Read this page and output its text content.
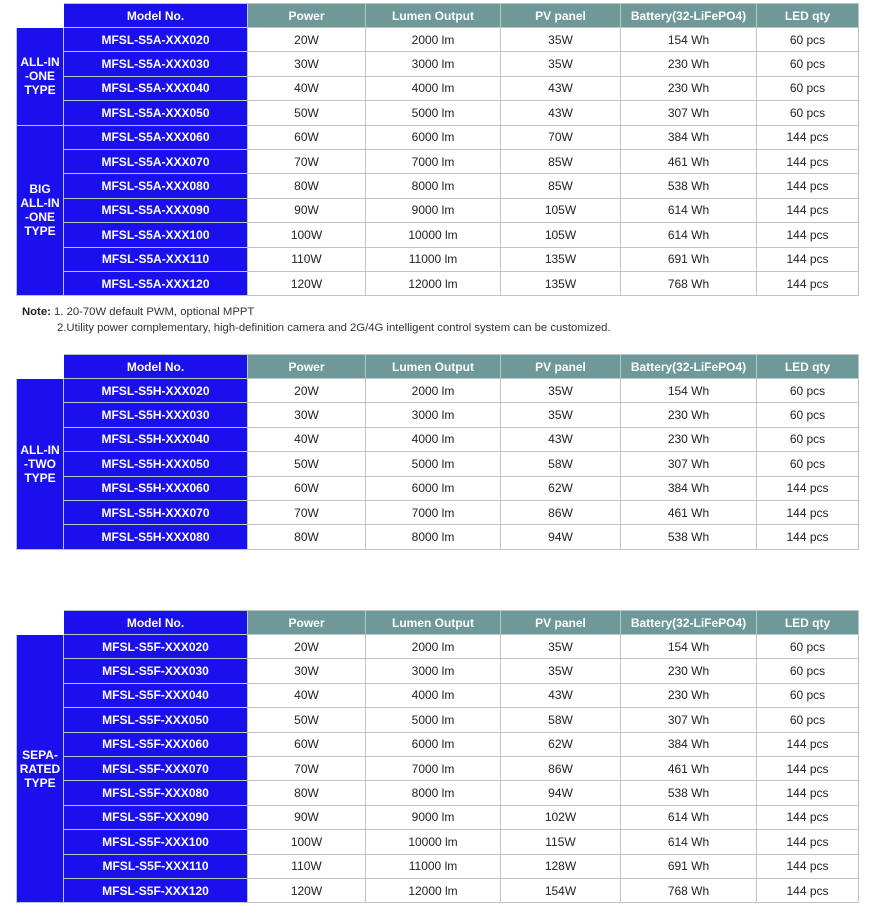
	Model No.	Power	Lumen Output	PV panel	Battery(32-LiFePO4)	LED qty

ALL-IN
-ONE
TYPE	MFSL-S5A-XXX020	20W	2000 lm	35W	154 Wh	60 pcs
	MFSL-S5A-XXX030	30W	3000 lm	35W	230 Wh	60 pcs
	MFSL-S5A-XXX040	40W	4000 lm	43W	230 Wh	60 pcs
	MFSL-S5A-XXX050	50W	5000 lm	43W	307 Wh	60 pcs

BIG
ALL-IN
-ONE
TYPE	MFSL-S5A-XXX060	60W	6000 lm	70W	384 Wh	144 pcs
	MFSL-S5A-XXX070	70W	7000 lm	85W	461 Wh	144 pcs
	MFSL-S5A-XXX080	80W	8000 lm	85W	538 Wh	144 pcs
	MFSL-S5A-XXX090	90W	9000 lm	105W	614 Wh	144 pcs
	MFSL-S5A-XXX100	100W	10000 lm	105W	614 Wh	144 pcs
	MFSL-S5A-XXX110	110W	11000 lm	135W	691 Wh	144 pcs
	MFSL-S5A-XXX120	120W	12000 lm	135W	768 Wh	144 pcs
Note: 1. 20-70W default PWM, optional MPPT
2.Utility power complementary, high-definition camera and 2G/4G intelligent control system can be customized.
	Model No.	Power	Lumen Output	PV panel	Battery(32-LiFePO4)	LED qty

ALL-IN
-TWO
TYPE	MFSL-S5H-XXX020	20W	2000 lm	35W	154 Wh	60 pcs
	MFSL-S5H-XXX030	30W	3000 lm	35W	230 Wh	60 pcs
	MFSL-S5H-XXX040	40W	4000 lm	43W	230 Wh	60 pcs
	MFSL-S5H-XXX050	50W	5000 lm	58W	307 Wh	60 pcs
	MFSL-S5H-XXX060	60W	6000 lm	62W	384 Wh	144 pcs
	MFSL-S5H-XXX070	70W	7000 lm	86W	461 Wh	144 pcs
	MFSL-S5H-XXX080	80W	8000 lm	94W	538 Wh	144 pcs
	Model No.	Power	Lumen Output	PV panel	Battery(32-LiFePO4)	LED qty

SEPA-
RATED
TYPE	MFSL-S5F-XXX020	20W	2000 lm	35W	154 Wh	60 pcs
	MFSL-S5F-XXX030	30W	3000 lm	35W	230 Wh	60 pcs
	MFSL-S5F-XXX040	40W	4000 lm	43W	230 Wh	60 pcs
	MFSL-S5F-XXX050	50W	5000 lm	58W	307 Wh	60 pcs
	MFSL-S5F-XXX060	60W	6000 lm	62W	384 Wh	144 pcs
	MFSL-S5F-XXX070	70W	7000 lm	86W	461 Wh	144 pcs
	MFSL-S5F-XXX080	80W	8000 lm	94W	538 Wh	144 pcs
	MFSL-S5F-XXX090	90W	9000 lm	102W	614 Wh	144 pcs
	MFSL-S5F-XXX100	100W	10000 lm	115W	614 Wh	144 pcs
	MFSL-S5F-XXX110	110W	11000 lm	128W	691 Wh	144 pcs
	MFSL-S5F-XXX120	120W	12000 lm	154W	768 Wh	144 pcs
